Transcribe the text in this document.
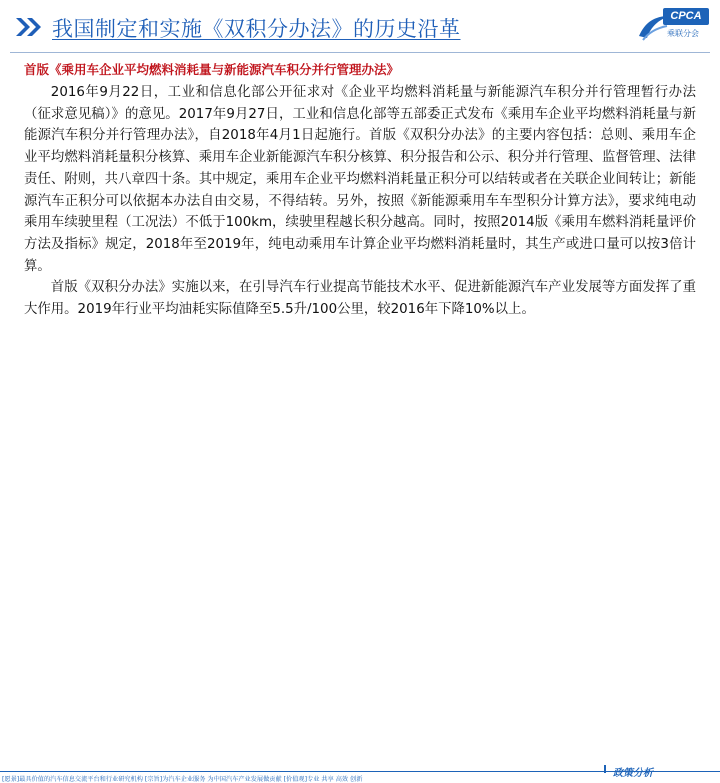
我国制定和实施《双积分办法》的历史沿革
CPCA
乘联分会
首版《乘用车企业平均燃料消耗量与新能源汽车积分并行管理办法》

2016年9月22日，工业和信息化部公开征求对《企业平均燃料消耗量与新能源汽车积分并行管理暂行办法（征求意见稿）》的意见。2017年9月27日，工业和信息化部等五部委正式发布《乘用车企业平均燃料消耗量与新能源汽车积分并行管理办法》，自2018年4月1日起施行。首版《双积分办法》的主要内容包括：总则、乘用车企业平均燃料消耗量积分核算、乘用车企业新能源汽车积分核算、积分报告和公示、积分并行管理、监督管理、法律责任、附则，共八章四十条。其中规定，乘用车企业平均燃料消耗量正积分可以结转或者在关联企业间转让；新能源汽车正积分可以依据本办法自由交易，不得结转。另外，按照《新能源乘用车车型积分计算方法》，要求纯电动乘用车续驶里程（工况法）不低于100km，续驶里程越长积分越高。同时，按照2014版《乘用车燃料消耗量评价方法及指标》规定，2018年至2019年，纯电动乘用车计算企业平均燃料消耗量时，其生产或进口量可以按3倍计算。

首版《双积分办法》实施以来，在引导汽车行业提高节能技术水平、促进新能源汽车产业发展等方面发挥了重大作用。2019年行业平均油耗实际值降至5.5升/100公里，较2016年下降10%以上。

[愿景]最具价值的汽车信息交流平台和行业研究机构 [宗旨]为汽车企业服务 为中国汽车产业发展做贡献 [价值观]专业 共享 高效 创新
政策分析
